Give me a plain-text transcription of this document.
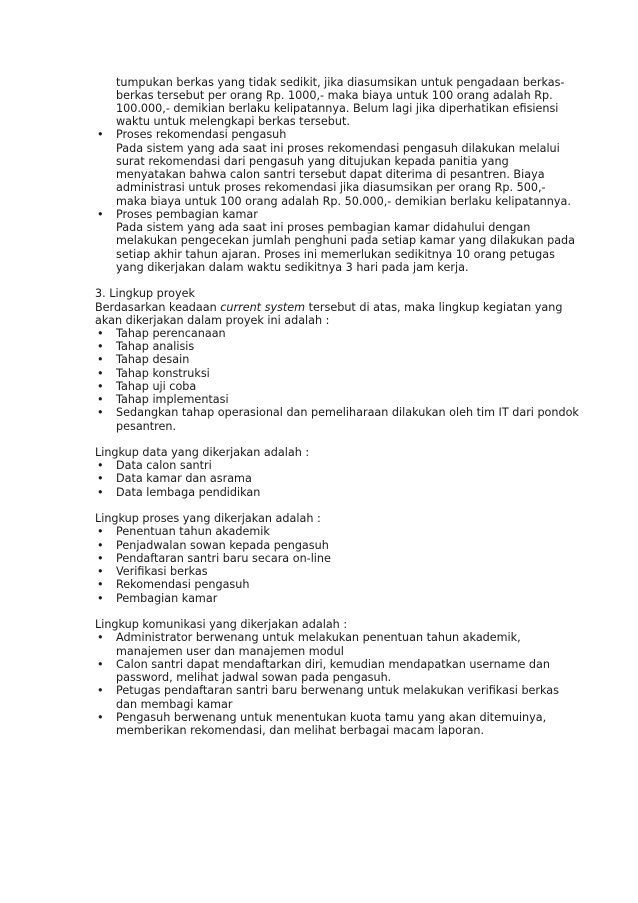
tumpukan berkas yang tidak sedikit, jika diasumsikan untuk pengadaan berkas-
berkas tersebut per orang Rp. 1000,- maka biaya untuk 100 orang adalah Rp.
100.000,- demikian berlaku kelipatannya. Belum lagi jika diperhatikan efisiensi
waktu untuk melengkapi berkas tersebut.
• Proses rekomendasi pengasuh
Pada sistem yang ada saat ini proses rekomendasi pengasuh dilakukan melalui
surat rekomendasi dari pengasuh yang ditujukan kepada panitia yang
menyatakan bahwa calon santri tersebut dapat diterima di pesantren. Biaya
administrasi untuk proses rekomendasi jika diasumsikan per orang Rp. 500,-
maka biaya untuk 100 orang adalah Rp. 50.000,- demikian berlaku kelipatannya.
• Proses pembagian kamar
Pada sistem yang ada saat ini proses pembagian kamar didahului dengan
melakukan pengecekan jumlah penghuni pada setiap kamar yang dilakukan pada
setiap akhir tahun ajaran. Proses ini memerlukan sedikitnya 10 orang petugas
yang dikerjakan dalam waktu sedikitnya 3 hari pada jam kerja.
3. Lingkup proyek
Berdasarkan keadaan current system tersebut di atas, maka lingkup kegiatan yang
akan dikerjakan dalam proyek ini adalah :
• Tahap perencanaan
• Tahap analisis
• Tahap desain
• Tahap konstruksi
• Tahap uji coba
• Tahap implementasi
• Sedangkan tahap operasional dan pemeliharaan dilakukan oleh tim IT dari pondok
pesantren.
Lingkup data yang dikerjakan adalah :
• Data calon santri
• Data kamar dan asrama
• Data lembaga pendidikan
Lingkup proses yang dikerjakan adalah :
• Penentuan tahun akademik
• Penjadwalan sowan kepada pengasuh
• Pendaftaran santri baru secara on-line
• Verifikasi berkas
• Rekomendasi pengasuh
• Pembagian kamar
Lingkup komunikasi yang dikerjakan adalah :
• Administrator berwenang untuk melakukan penentuan tahun akademik,
manajemen user dan manajemen modul
• Calon santri dapat mendaftarkan diri, kemudian mendapatkan username dan
password, melihat jadwal sowan pada pengasuh.
• Petugas pendaftaran santri baru berwenang untuk melakukan verifikasi berkas
dan membagi kamar
• Pengasuh berwenang untuk menentukan kuota tamu yang akan ditemuinya,
memberikan rekomendasi, dan melihat berbagai macam laporan.
